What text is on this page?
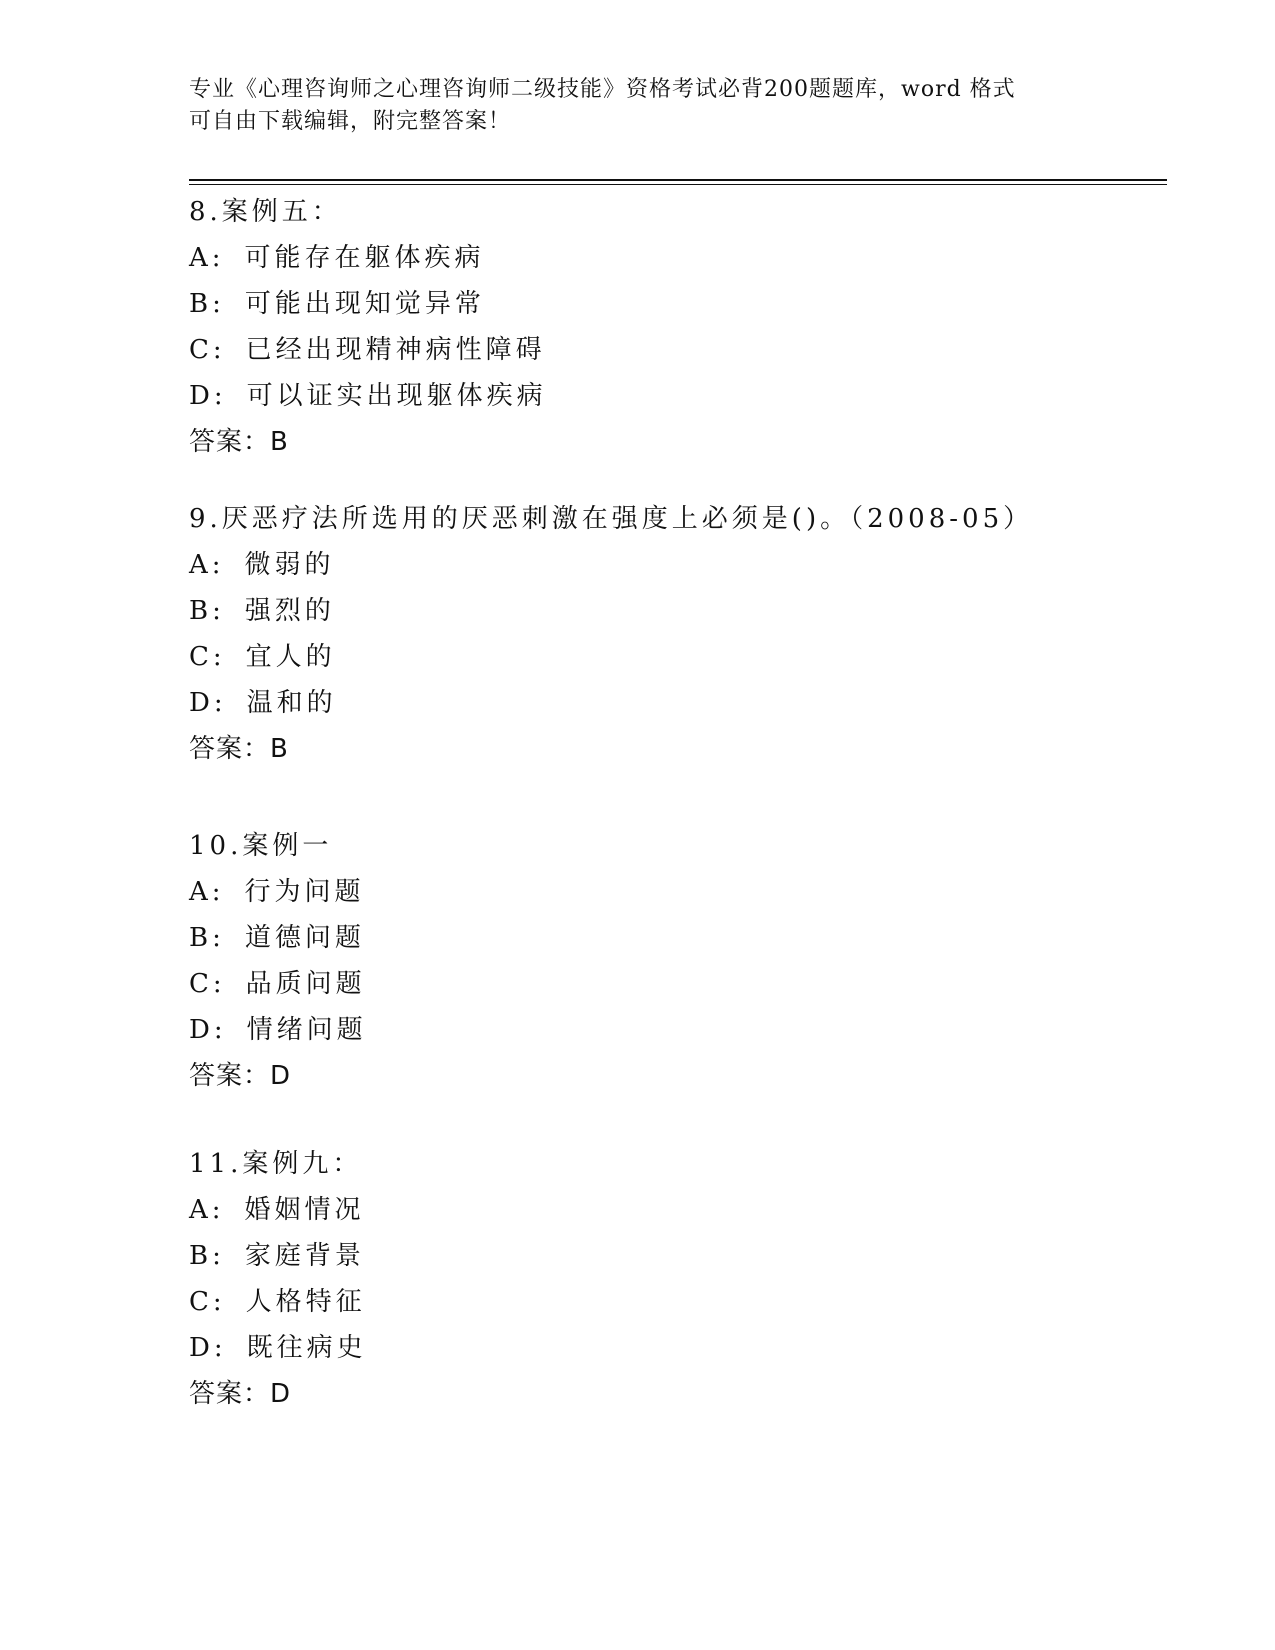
专业《心理咨询师之心理咨询师二级技能》资格考试必背200题题库，word 格式
可自由下载编辑，附完整答案！
8.案例五：
A: 可能存在躯体疾病
B: 可能出现知觉异常
C: 已经出现精神病性障碍
D: 可以证实出现躯体疾病
答案：B
9.厌恶疗法所选用的厌恶刺激在强度上必须是()。（2008-05）
A: 微弱的
B: 强烈的
C: 宜人的
D: 温和的
答案：B
10.案例一
A: 行为问题
B: 道德问题
C: 品质问题
D: 情绪问题
答案：D
11.案例九：
A: 婚姻情况
B: 家庭背景
C: 人格特征
D: 既往病史
答案：D
